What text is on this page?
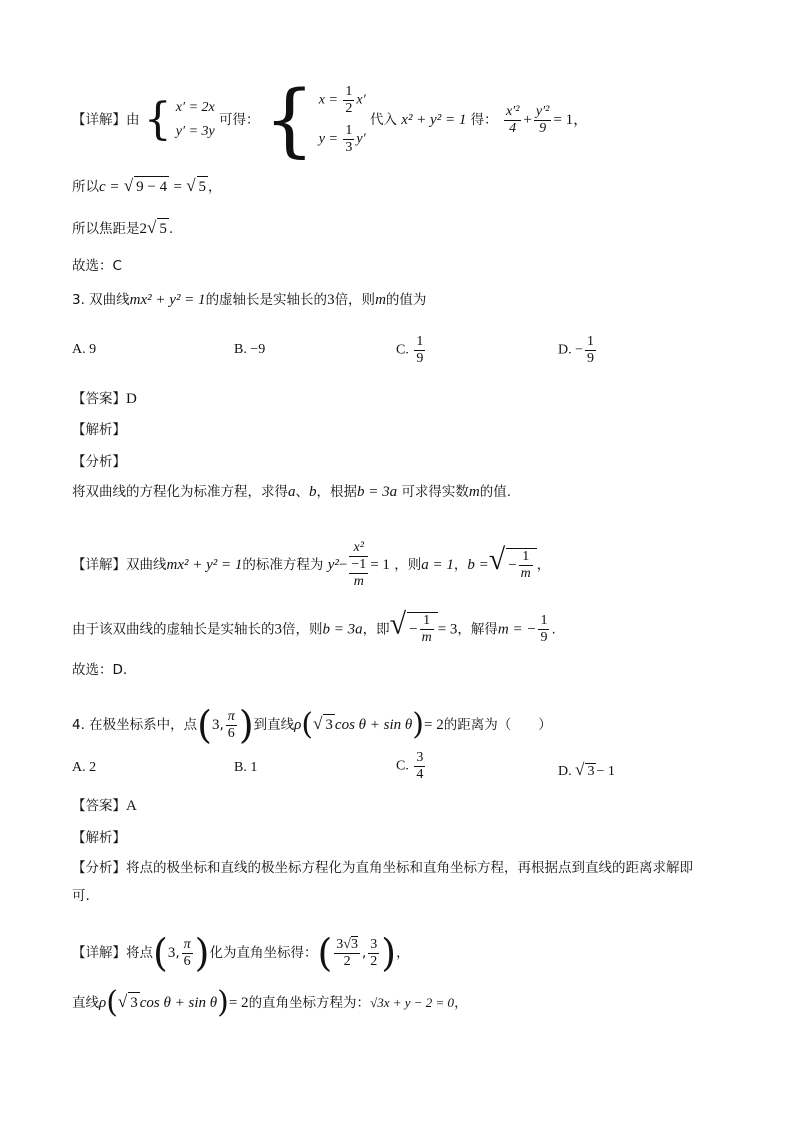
【详解】由 { x′ = 2x
y′ = 3y
可得： { $x = \frac{1}{2} x'$
$y = \frac{1}{3} y'$
代入 x² + y² = 1 得： $\frac{\text{x′²}}{4} + \frac{\text{y′²}}{9} = 1$，
所以c = √ 9 − 4 = √ 5 ，
所以焦距是2√ 5 .
故选：C
3. 双曲线mx² + y² = 1的虚轴长是实轴长的3倍，则m的值为
A. 9	B. −9	C. $\frac{1}{9}$	D. − $\frac{1}{9}$
【答案】D
【解析】
【分析】
将双曲线的方程化为标准方程，求得a、b，根据b = 3a 可求得实数m的值.
【详解】双曲线mx² + y² = 1的标准方程为 $y^2- \frac{\text{x²}}{\frac{-1}{m}} = 1$ ，则a = 1，b =√ − $\frac{1}{m}$ ，
由于该双曲线的虚轴长是实轴长的3倍，则b = 3a，即√ − $\frac{1}{m} = 3$，解得m = − $\frac{1}{9}$ .
故选：D.
4. 在极坐标系中，点(3, $\frac{\pi}{6}$ )到直线ρ(√ 3 cos θ + sin θ)= 2的距离为（　　）
A. 2	B. 1	C. $\frac{3}{4}$	D. √ 3 − 1
【答案】A
【解析】
【分析】将点的极坐标和直线的极坐标方程化为直角坐标和直角坐标方程，再根据点到直线的距离求解即
可.
【详解】将点(3, $\frac{\pi}{6}$ )化为直角坐标得：( $\frac{3√3}{2}$ , $\frac{3}{2}$ )，
直线ρ(√ 3 cos θ + sin θ)= 2的直角坐标方程为：√3x + y − 2 = 0，
